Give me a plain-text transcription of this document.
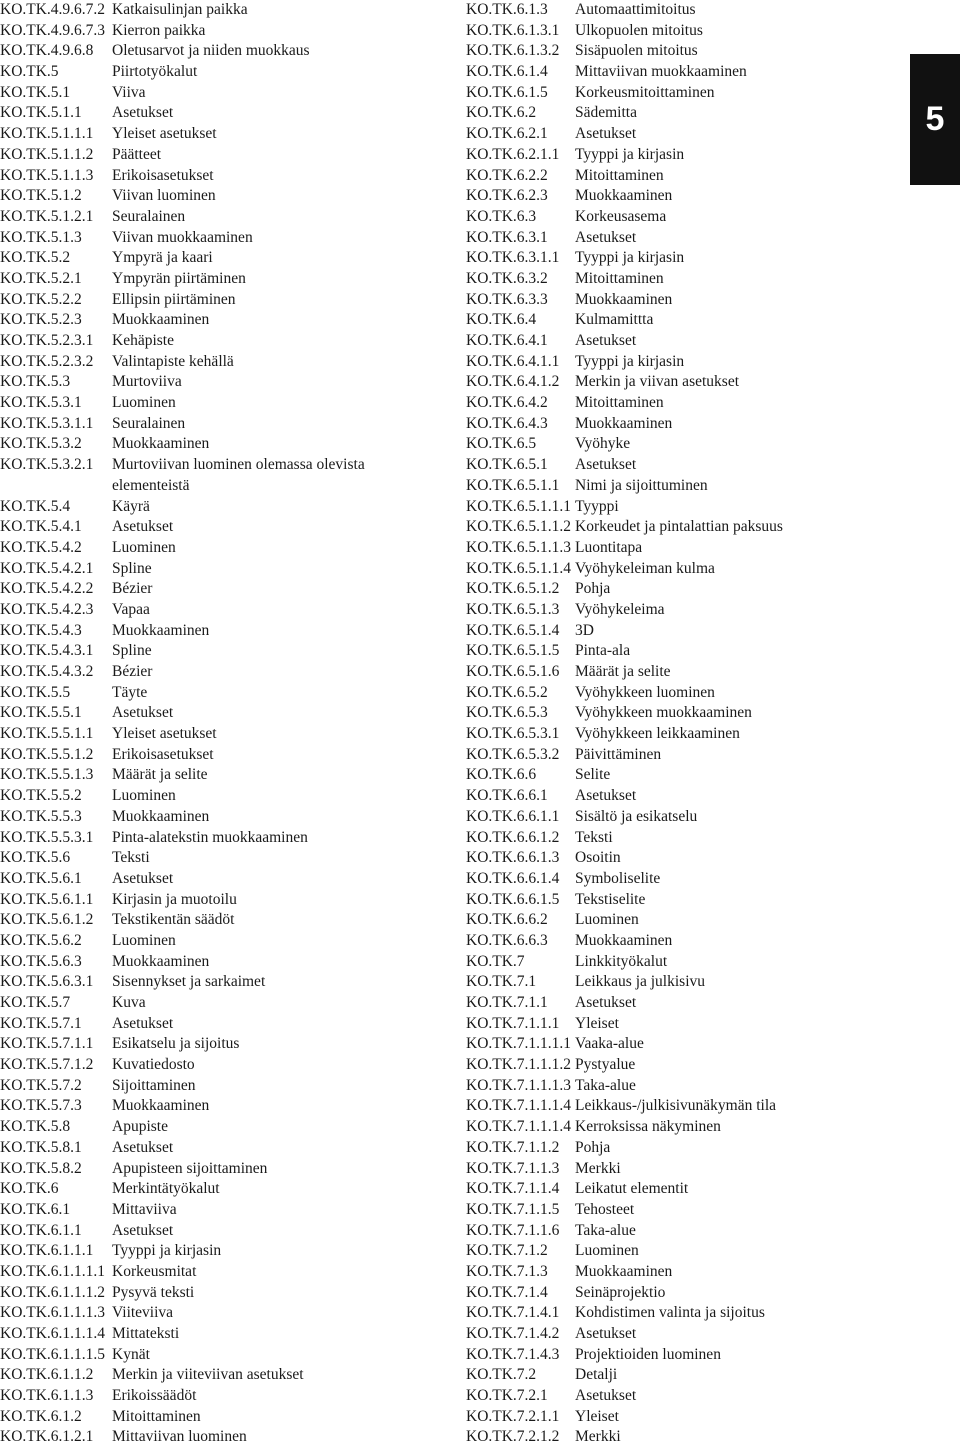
KO.TK.4.9.6.7.2 Katkaisulinjan paikka
KO.TK.4.9.6.7.3 Kierron paikka
KO.TK.4.9.6.8	Oletusarvot ja niiden muokkaus
KO.TK.5	Piirtotyökalut
KO.TK.5.1	Viiva
KO.TK.5.1.1	Asetukset
KO.TK.5.1.1.1	Yleiset asetukset
KO.TK.5.1.1.2	Päätteet
KO.TK.5.1.1.3	Erikoisasetukset
KO.TK.5.1.2	Viivan luominen
KO.TK.5.1.2.1	Seuralainen
KO.TK.5.1.3	Viivan muokkaaminen
KO.TK.5.2	Ympyrä ja kaari
KO.TK.5.2.1	Ympyrän piirtäminen
KO.TK.5.2.2	Ellipsin piirtäminen
KO.TK.5.2.3	Muokkaaminen
KO.TK.5.2.3.1	Kehäpiste
KO.TK.5.2.3.2	Valintapiste kehällä
KO.TK.5.3	Murtoviiva
KO.TK.5.3.1	Luominen
KO.TK.5.3.1.1	Seuralainen
KO.TK.5.3.2	Muokkaaminen
KO.TK.5.3.2.1	Murtoviivan luominen olemassa olevista elementeistä
KO.TK.5.4	Käyrä
KO.TK.5.4.1	Asetukset
KO.TK.5.4.2	Luominen
KO.TK.5.4.2.1	Spline
KO.TK.5.4.2.2	Bézier
KO.TK.5.4.2.3	Vapaa
KO.TK.5.4.3	Muokkaaminen
KO.TK.5.4.3.1	Spline
KO.TK.5.4.3.2	Bézier
KO.TK.5.5	Täyte
KO.TK.5.5.1	Asetukset
KO.TK.5.5.1.1	Yleiset asetukset
KO.TK.5.5.1.2	Erikoisasetukset
KO.TK.5.5.1.3	Määrät ja selite
KO.TK.5.5.2	Luominen
KO.TK.5.5.3	Muokkaaminen
KO.TK.5.5.3.1	Pinta-alatekstin muokkaaminen
KO.TK.5.6	Teksti
KO.TK.5.6.1	Asetukset
KO.TK.5.6.1.1	Kirjasin ja muotoilu
KO.TK.5.6.1.2	Tekstikentän säädöt
KO.TK.5.6.2	Luominen
KO.TK.5.6.3	Muokkaaminen
KO.TK.5.6.3.1	Sisennykset ja sarkaimet
KO.TK.5.7	Kuva
KO.TK.5.7.1	Asetukset
KO.TK.5.7.1.1	Esikatselu ja sijoitus
KO.TK.5.7.1.2	Kuvatiedosto
KO.TK.5.7.2	Sijoittaminen
KO.TK.5.7.3	Muokkaaminen
KO.TK.5.8	Apupiste
KO.TK.5.8.1	Asetukset
KO.TK.5.8.2	Apupisteen sijoittaminen
KO.TK.6	Merkintätyökalut
KO.TK.6.1	Mittaviiva
KO.TK.6.1.1	Asetukset
KO.TK.6.1.1.1	Tyyppi ja kirjasin
KO.TK.6.1.1.1.1 Korkeusmitat
KO.TK.6.1.1.1.2 Pysyvä teksti
KO.TK.6.1.1.1.3 Viiteviiva
KO.TK.6.1.1.1.4 Mittateksti
KO.TK.6.1.1.1.5 Kynät
KO.TK.6.1.1.2	Merkin ja viiteviivan asetukset
KO.TK.6.1.1.3	Erikoissäädöt
KO.TK.6.1.2	Mitoittaminen
KO.TK.6.1.2.1	Mittaviivan luominen
KO.TK.6.1.3	Automaattimitoitus
KO.TK.6.1.3.1	Ulkopuolen mitoitus
KO.TK.6.1.3.2	Sisäpuolen mitoitus
KO.TK.6.1.4	Mittaviivan muokkaaminen
KO.TK.6.1.5	Korkeusmitoittaminen
KO.TK.6.2	Sädemitta
KO.TK.6.2.1	Asetukset
KO.TK.6.2.1.1	Tyyppi ja kirjasin
KO.TK.6.2.2	Mitoittaminen
KO.TK.6.2.3	Muokkaaminen
KO.TK.6.3	Korkeusasema
KO.TK.6.3.1	Asetukset
KO.TK.6.3.1.1	Tyyppi ja kirjasin
KO.TK.6.3.2	Mitoittaminen
KO.TK.6.3.3	Muokkaaminen
KO.TK.6.4	Kulmamittta
KO.TK.6.4.1	Asetukset
KO.TK.6.4.1.1	Tyyppi ja kirjasin
KO.TK.6.4.1.2	Merkin ja viivan asetukset
KO.TK.6.4.2	Mitoittaminen
KO.TK.6.4.3	Muokkaaminen
KO.TK.6.5	Vyöhyke
KO.TK.6.5.1	Asetukset
KO.TK.6.5.1.1	Nimi ja sijoittuminen
KO.TK.6.5.1.1.1 Tyyppi
KO.TK.6.5.1.1.2 Korkeudet ja pintalattian paksuus
KO.TK.6.5.1.1.3 Luontitapa
KO.TK.6.5.1.1.4 Vyöhykeleiman kulma
KO.TK.6.5.1.2	Pohja
KO.TK.6.5.1.3	Vyöhykeleima
KO.TK.6.5.1.4	3D
KO.TK.6.5.1.5	Pinta-ala
KO.TK.6.5.1.6	Määrät ja selite
KO.TK.6.5.2	Vyöhykkeen luominen
KO.TK.6.5.3	Vyöhykkeen muokkaaminen
KO.TK.6.5.3.1	Vyöhykkeen leikkaaminen
KO.TK.6.5.3.2	Päivittäminen
KO.TK.6.6	Selite
KO.TK.6.6.1	Asetukset
KO.TK.6.6.1.1	Sisältö ja esikatselu
KO.TK.6.6.1.2	Teksti
KO.TK.6.6.1.3	Osoitin
KO.TK.6.6.1.4	Symboliselite
KO.TK.6.6.1.5	Tekstiselite
KO.TK.6.6.2	Luominen
KO.TK.6.6.3	Muokkaaminen
KO.TK.7	Linkkityökalut
KO.TK.7.1	Leikkaus ja julkisivu
KO.TK.7.1.1	Asetukset
KO.TK.7.1.1.1	Yleiset
KO.TK.7.1.1.1.1 Vaaka-alue
KO.TK.7.1.1.1.2 Pystyalue
KO.TK.7.1.1.1.3 Taka-alue
KO.TK.7.1.1.1.4 Leikkaus-/julkisivunäkymän tila
KO.TK.7.1.1.1.4 Kerroksissa näkyminen
KO.TK.7.1.1.2	Pohja
KO.TK.7.1.1.3	Merkki
KO.TK.7.1.1.4	Leikatut elementit
KO.TK.7.1.1.5	Tehosteet
KO.TK.7.1.1.6	Taka-alue
KO.TK.7.1.2	Luominen
KO.TK.7.1.3	Muokkaaminen
KO.TK.7.1.4	Seinäprojektio
KO.TK.7.1.4.1	Kohdistimen valinta ja sijoitus
KO.TK.7.1.4.2	Asetukset
KO.TK.7.1.4.3	Projektioiden luominen
KO.TK.7.2	Detalji
KO.TK.7.2.1	Asetukset
KO.TK.7.2.1.1	Yleiset
KO.TK.7.2.1.2	Merkki
5
